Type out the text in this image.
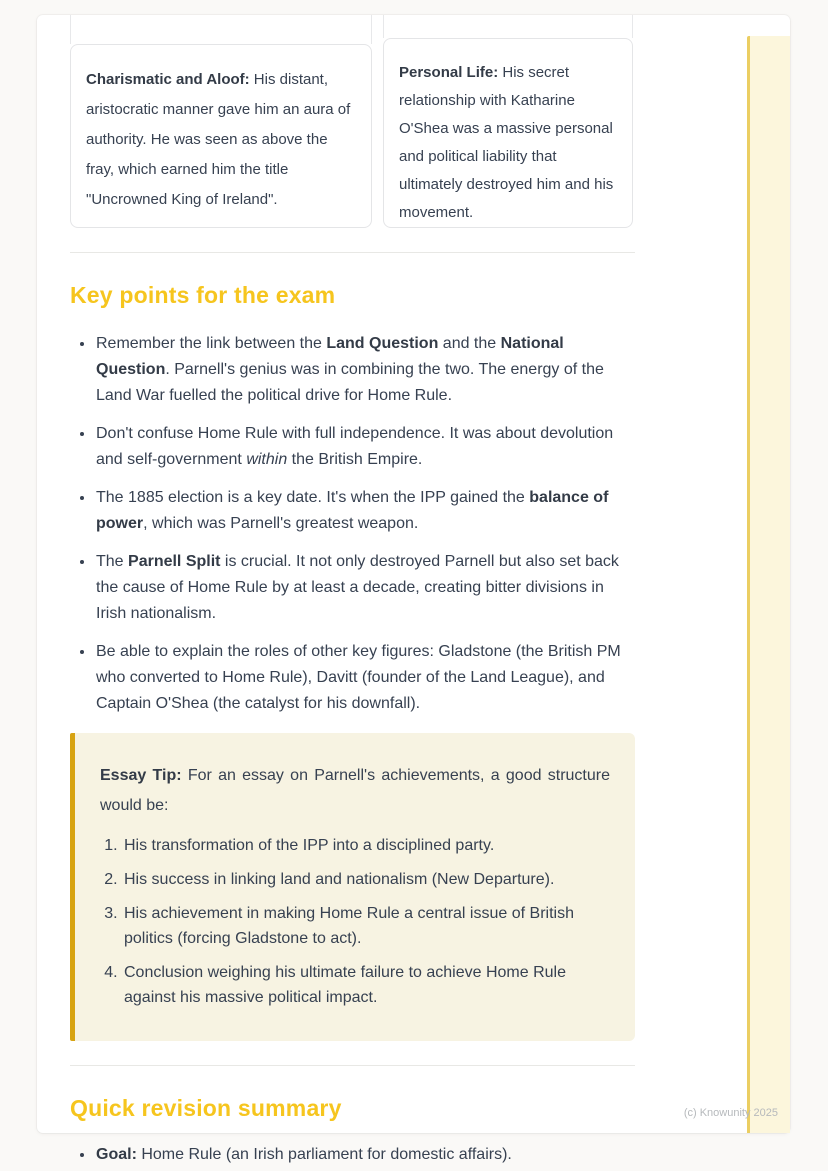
Charismatic and Aloof: His distant, aristocratic manner gave him an aura of authority. He was seen as above the fray, which earned him the title "Uncrowned King of Ireland".

Personal Life: His secret relationship with Katharine O'Shea was a massive personal and political liability that ultimately destroyed him and his movement.

Key points for the exam
• Remember the link between the Land Question and the National Question. Parnell's genius was in combining the two. The energy of the Land War fuelled the political drive for Home Rule.
• Don't confuse Home Rule with full independence. It was about devolution and self-government within the British Empire.
• The 1885 election is a key date. It's when the IPP gained the balance of power, which was Parnell's greatest weapon.
• The Parnell Split is crucial. It not only destroyed Parnell but also set back the cause of Home Rule by at least a decade, creating bitter divisions in Irish nationalism.
• Be able to explain the roles of other key figures: Gladstone (the British PM who converted to Home Rule), Davitt (founder of the Land League), and Captain O'Shea (the catalyst for his downfall).

Essay Tip: For an essay on Parnell's achievements, a good structure would be:

1. His transformation of the IPP into a disciplined party.
2. His success in linking land and nationalism (New Departure).
3. His achievement in making Home Rule a central issue of British politics (forcing Gladstone to act).
4. Conclusion weighing his ultimate failure to achieve Home Rule against his massive political impact.
Quick revision summary
• Goal: Home Rule (an Irish parliament for domestic affairs).
(c) Knowunity 2025
